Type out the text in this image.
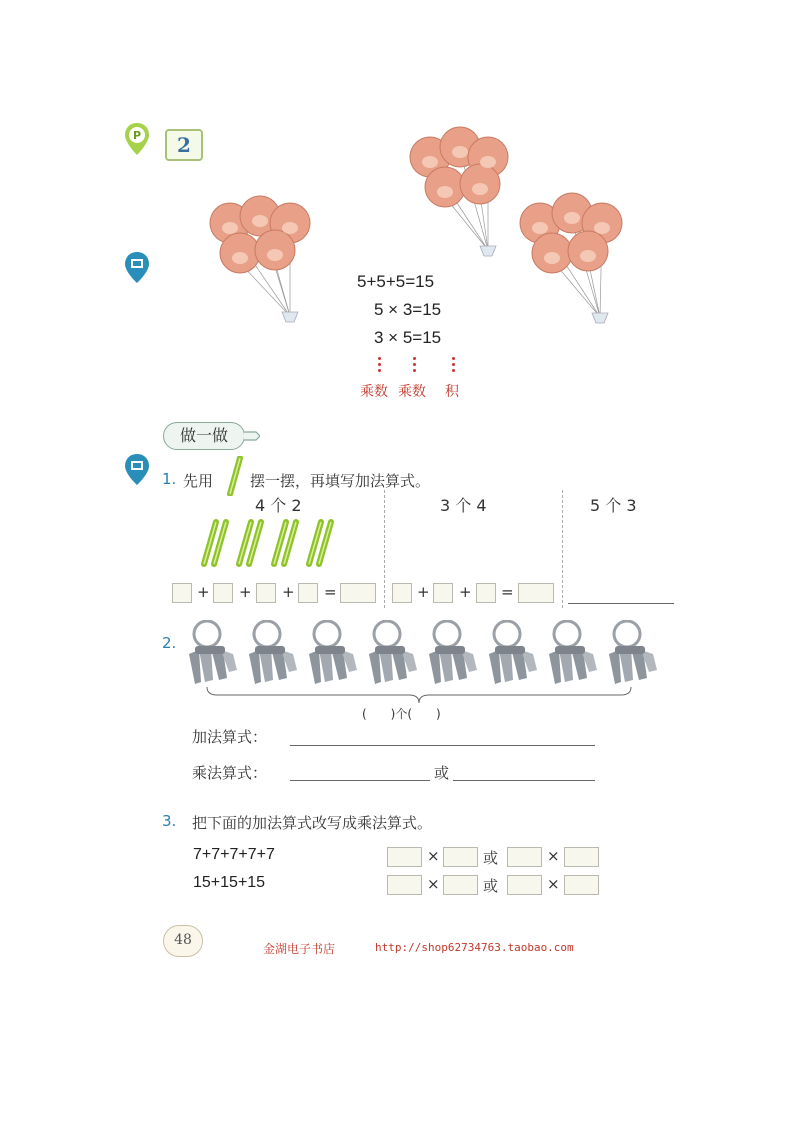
P	2
5+5+5=15
5 × 3=15
3 × 5=15
乘数 乘数 积
做一做
1. 先用 摆一摆，再填写加法算式。
4 个 2	3 个 4	5 个 3
+ + + =	+ + =
2.
(　　)个(　　)
加法算式：
乘法算式：	或
3. 把下面的加法算式改写成乘法算式。
7+7+7+7+7	×	或	×
15+15+15	×	或	×
48
金湖电子书店	http://shop62734763.taobao.com
